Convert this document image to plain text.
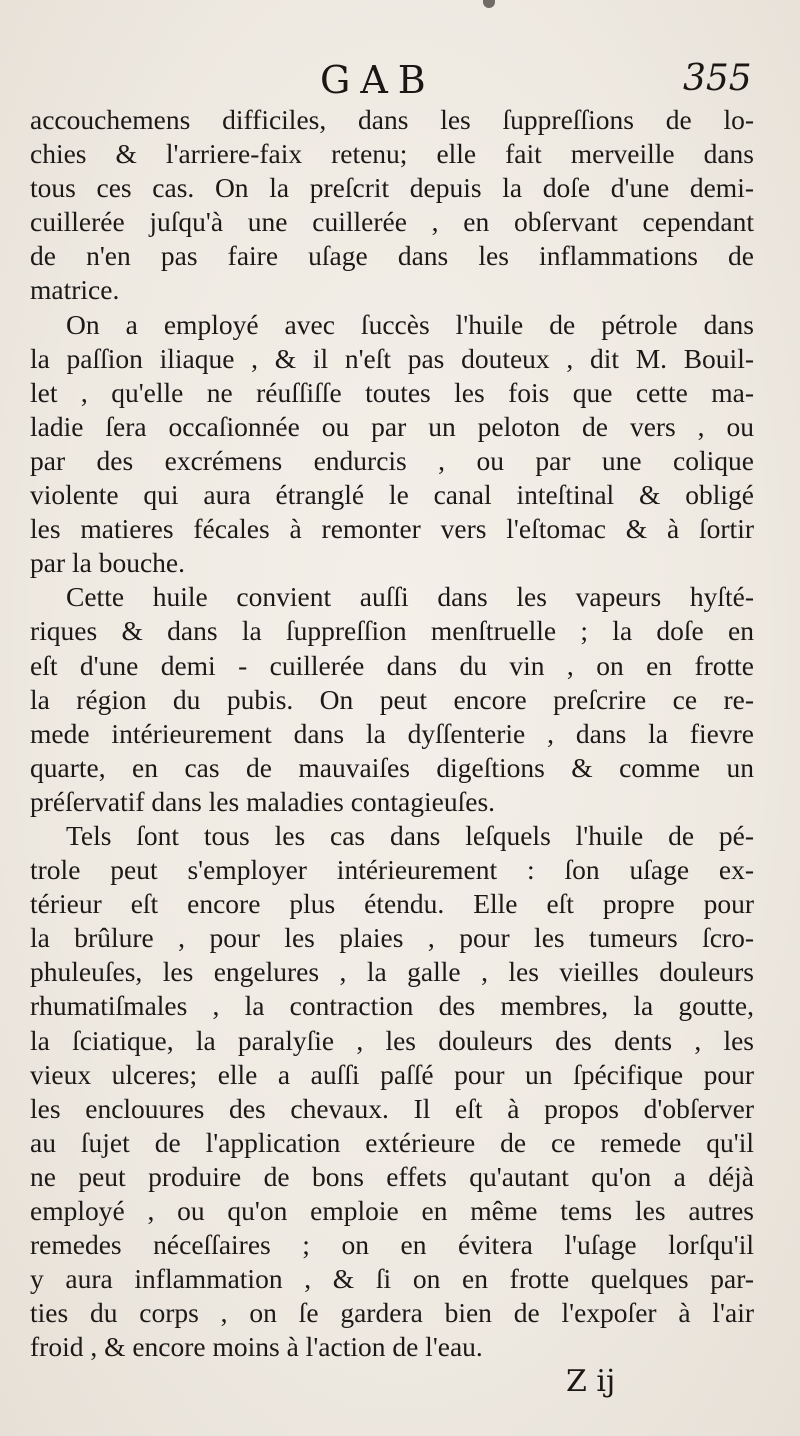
GAB	355
accouchemens difficiles, dans les ſuppreſſions de lo-
chies & l'arriere-faix retenu; elle fait merveille dans
tous ces cas. On la preſcrit depuis la doſe d'une demi-
cuillerée juſqu'à une cuillerée , en obſervant cependant
de n'en pas faire uſage dans les inflammations de
matrice.
On a employé avec ſuccès l'huile de pétrole dans
la paſſion iliaque , & il n'eſt pas douteux , dit M. Bouil-
let , qu'elle ne réuſſiſſe toutes les fois que cette ma-
ladie ſera occaſionnée ou par un peloton de vers , ou
par des excrémens endurcis , ou par une colique
violente qui aura étranglé le canal inteſtinal & obligé
les matieres fécales à remonter vers l'eſtomac & à ſortir
par la bouche.
Cette huile convient auſſi dans les vapeurs hyſté-
riques & dans la ſuppreſſion menſtruelle ; la doſe en
eſt d'une demi - cuillerée dans du vin , on en frotte
la région du pubis. On peut encore preſcrire ce re-
mede intérieurement dans la dyſſenterie , dans la fievre
quarte, en cas de mauvaiſes digeſtions & comme un
préſervatif dans les maladies contagieuſes.
Tels ſont tous les cas dans leſquels l'huile de pé-
trole peut s'employer intérieurement : ſon uſage ex-
térieur eſt encore plus étendu. Elle eſt propre pour
la brûlure , pour les plaies , pour les tumeurs ſcro-
phuleuſes, les engelures , la galle , les vieilles douleurs
rhumatiſmales , la contraction des membres, la goutte,
la ſciatique, la paralyſie , les douleurs des dents , les
vieux ulceres; elle a auſſi paſſé pour un ſpécifique pour
les enclouures des chevaux. Il eſt à propos d'obſerver
au ſujet de l'application extérieure de ce remede qu'il
ne peut produire de bons effets qu'autant qu'on a déjà
employé , ou qu'on emploie en même tems les autres
remedes néceſſaires ; on en évitera l'uſage lorſqu'il
y aura inflammation , & ſi on en frotte quelques par-
ties du corps , on ſe gardera bien de l'expoſer à l'air
froid , & encore moins à l'action de l'eau.
Z ij
